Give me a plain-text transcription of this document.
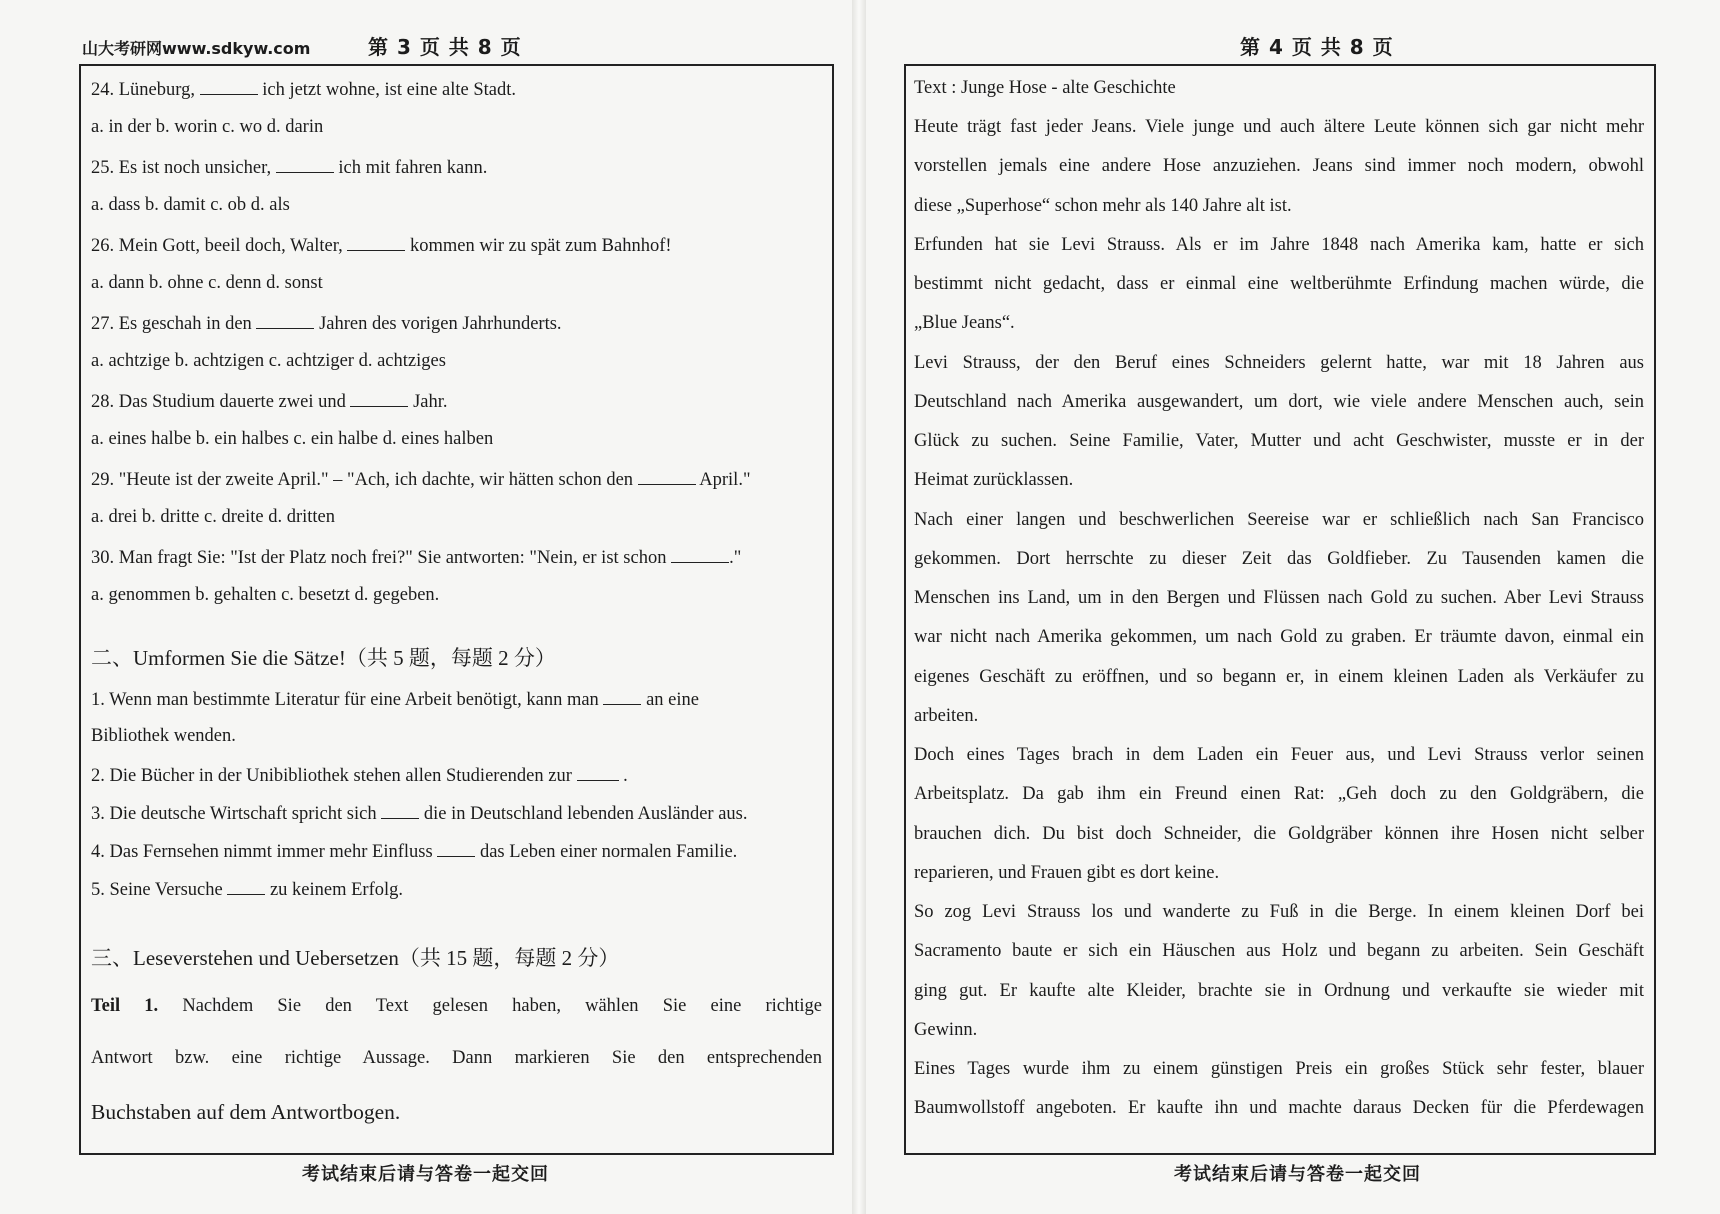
山大考研网www.sdkyw.com	第 3 页 共 8 页
24. Lüneburg,	ich jetzt wohne, ist eine alte Stadt.
a. in der b. worin c. wo d. darin
25. Es ist noch unsicher,	ich mit fahren kann.
a. dass b. damit c. ob d. als
26. Mein Gott, beeil doch, Walter,	kommen wir zu spät zum Bahnhof!
a. dann b. ohne c. denn d. sonst
27. Es geschah in den	Jahren des vorigen Jahrhunderts.
a. achtzige b. achtzigen c. achtziger d. achtziges
28. Das Studium dauerte zwei und	Jahr.
a. eines halbe b. ein halbes c. ein halbe d. eines halben
29. "Heute ist der zweite April." – "Ach, ich dachte, wir hätten schon den	April."
a. drei b. dritte c. dreite d. dritten
30. Man fragt Sie: "Ist der Platz noch frei?" Sie antworten: "Nein, er ist schon	."
a. genommen b. gehalten c. besetzt d. gegeben.
二、Umformen Sie die Sätze!（共 5 题，每题 2 分）
1. Wenn man bestimmte Literatur für eine Arbeit benötigt, kann man  an eine
Bibliothek wenden.
2. Die Bücher in der Unibibliothek stehen allen Studierenden zur  .
3. Die deutsche Wirtschaft spricht sich  die in Deutschland lebenden Ausländer aus.
4. Das Fernsehen nimmt immer mehr Einfluss  das Leben einer normalen Familie.
5. Seine Versuche  zu keinem Erfolg.
三、Leseverstehen und Uebersetzen（共 15 题，每题 2 分）
Teil 1. Nachdem Sie den Text gelesen haben, wählen Sie eine richtige
Antwort bzw. eine richtige Aussage. Dann markieren Sie den entsprechenden
Buchstaben auf dem Antwortbogen.
考试结束后请与答卷一起交回
第 4 页 共 8 页
Text : Junge Hose - alte Geschichte
Heute trägt fast jeder Jeans. Viele junge und auch ältere Leute können sich gar nicht mehr
vorstellen jemals eine andere Hose anzuziehen. Jeans sind immer noch modern, obwohl
diese „Superhose“ schon mehr als 140 Jahre alt ist.
Erfunden hat sie Levi Strauss. Als er im Jahre 1848 nach Amerika kam, hatte er sich
bestimmt nicht gedacht, dass er einmal eine weltberühmte Erfindung machen würde, die
„Blue Jeans“.
Levi Strauss, der den Beruf eines Schneiders gelernt hatte, war mit 18 Jahren aus
Deutschland nach Amerika ausgewandert, um dort, wie viele andere Menschen auch, sein
Glück zu suchen. Seine Familie, Vater, Mutter und acht Geschwister, musste er in der
Heimat zurücklassen.
Nach einer langen und beschwerlichen Seereise war er schließlich nach San Francisco
gekommen. Dort herrschte zu dieser Zeit das Goldfieber. Zu Tausenden kamen die
Menschen ins Land, um in den Bergen und Flüssen nach Gold zu suchen. Aber Levi Strauss
war nicht nach Amerika gekommen, um nach Gold zu graben. Er träumte davon, einmal ein
eigenes Geschäft zu eröffnen, und so begann er, in einem kleinen Laden als Verkäufer zu
arbeiten.
Doch eines Tages brach in dem Laden ein Feuer aus, und Levi Strauss verlor seinen
Arbeitsplatz. Da gab ihm ein Freund einen Rat: „Geh doch zu den Goldgräbern, die
brauchen dich. Du bist doch Schneider, die Goldgräber können ihre Hosen nicht selber
reparieren, und Frauen gibt es dort keine.
So zog Levi Strauss los und wanderte zu Fuß in die Berge. In einem kleinen Dorf bei
Sacramento baute er sich ein Häuschen aus Holz und begann zu arbeiten. Sein Geschäft
ging gut. Er kaufte alte Kleider, brachte sie in Ordnung und verkaufte sie wieder mit
Gewinn.
Eines Tages wurde ihm zu einem günstigen Preis ein großes Stück sehr fester, blauer
Baumwollstoff angeboten. Er kaufte ihn und machte daraus Decken für die Pferdewagen
考试结束后请与答卷一起交回
